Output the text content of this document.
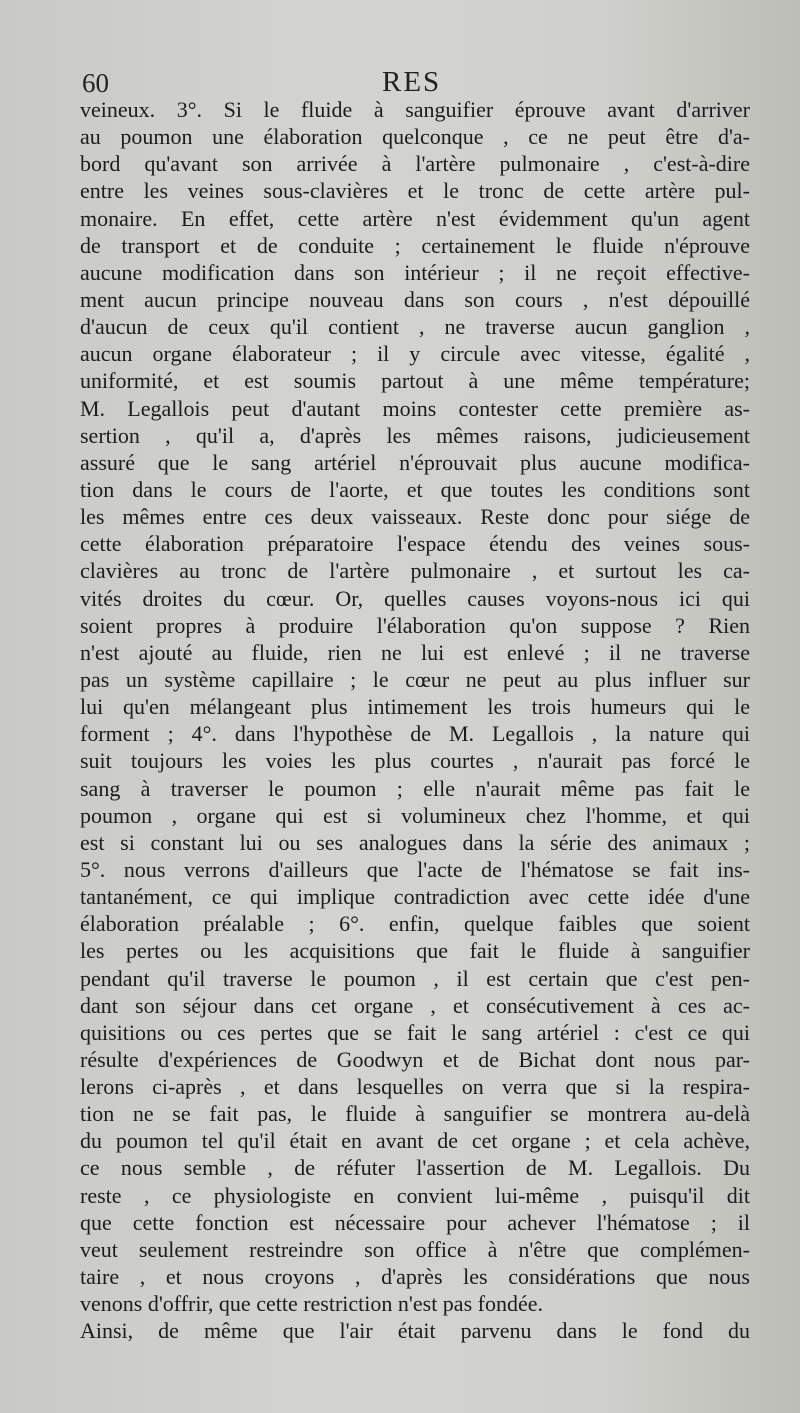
60	RES
veineux. 3°. Si le fluide à sanguifier éprouve avant d'arriver
au poumon une élaboration quelconque , ce ne peut être d'a-
bord qu'avant son arrivée à l'artère pulmonaire , c'est-à-dire
entre les veines sous-clavières et le tronc de cette artère pul-
monaire. En effet, cette artère n'est évidemment qu'un agent
de transport et de conduite ; certainement le fluide n'éprouve
aucune modification dans son intérieur ; il ne reçoit effective-
ment aucun principe nouveau dans son cours , n'est dépouillé
d'aucun de ceux qu'il contient , ne traverse aucun ganglion ,
aucun organe élaborateur ; il y circule avec vitesse, égalité ,
uniformité, et est soumis partout à une même température;
M. Legallois peut d'autant moins contester cette première as-
sertion , qu'il a, d'après les mêmes raisons, judicieusement
assuré que le sang artériel n'éprouvait plus aucune modifica-
tion dans le cours de l'aorte, et que toutes les conditions sont
les mêmes entre ces deux vaisseaux. Reste donc pour siége de
cette élaboration préparatoire l'espace étendu des veines sous-
clavières au tronc de l'artère pulmonaire , et surtout les ca-
vités droites du cœur. Or, quelles causes voyons-nous ici qui
soient propres à produire l'élaboration qu'on suppose ? Rien
n'est ajouté au fluide, rien ne lui est enlevé ; il ne traverse
pas un système capillaire ; le cœur ne peut au plus influer sur
lui qu'en mélangeant plus intimement les trois humeurs qui le
forment ; 4°. dans l'hypothèse de M. Legallois , la nature qui
suit toujours les voies les plus courtes , n'aurait pas forcé le
sang à traverser le poumon ; elle n'aurait même pas fait le
poumon , organe qui est si volumineux chez l'homme, et qui
est si constant lui ou ses analogues dans la série des animaux ;
5°. nous verrons d'ailleurs que l'acte de l'hématose se fait ins-
tantanément, ce qui implique contradiction avec cette idée d'une
élaboration préalable ; 6°. enfin, quelque faibles que soient
les pertes ou les acquisitions que fait le fluide à sanguifier
pendant qu'il traverse le poumon , il est certain que c'est pen-
dant son séjour dans cet organe , et consécutivement à ces ac-
quisitions ou ces pertes que se fait le sang artériel : c'est ce qui
résulte d'expériences de Goodwyn et de Bichat dont nous par-
lerons ci-après , et dans lesquelles on verra que si la respira-
tion ne se fait pas, le fluide à sanguifier se montrera au-delà
du poumon tel qu'il était en avant de cet organe ; et cela achève,
ce nous semble , de réfuter l'assertion de M. Legallois. Du
reste , ce physiologiste en convient lui-même , puisqu'il dit
que cette fonction est nécessaire pour achever l'hématose ; il
veut seulement restreindre son office à n'être que complémen-
taire , et nous croyons , d'après les considérations que nous
venons d'offrir, que cette restriction n'est pas fondée.
Ainsi, de même que l'air était parvenu dans le fond du
